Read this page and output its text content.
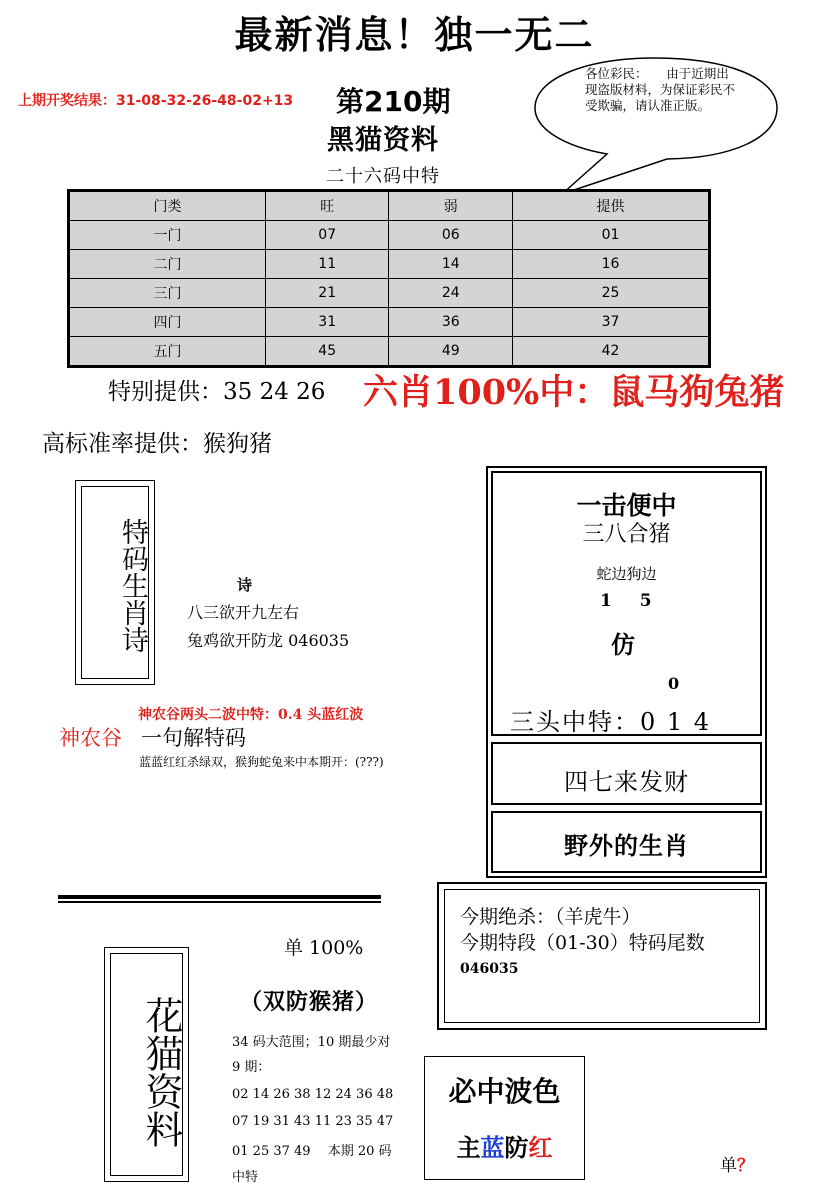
最新消息！独一无二
上期开奖结果：31-08-32-26-48-02+13 第210期
黑猫资料
二十六码中特
各位彩民：　　由于近期出现盗版材料，为保证彩民不受欺骗，请认准正版。
门类	旺	弱	提供
一门	07	06	01
二门	11	14	16
三门	21	24	25
四门	31	36	37
五门	45	49	42
特别提供：35 24 26 六肖100%中：鼠马狗兔猪
高标准率提供：猴狗猪
特码生肖诗	诗
八三欲开九左右
兔鸡欲开防龙 046035
神农谷两头二波中特：0.4 头蓝红波
神农谷 一句解特码
蓝蓝红红杀绿双，猴狗蛇兔来中本期开：(???)
一击便中
三八合猪
蛇边狗边
1 5
仿
0
三头中特：0 1 4
四七来发财
野外的生肖
今期绝杀：（羊虎牛）
今期特段（01-30）特码尾数
046035
单 100%
（双防猴猪）
花猫资料	34 码大范围；10 期最少对
9 期：
02 14 26 38 12 24 36 48
07 19 31 43 11 23 35 47
01 25 37 49　 本期 20 码
中特
必中波色
主蓝防红
单？
